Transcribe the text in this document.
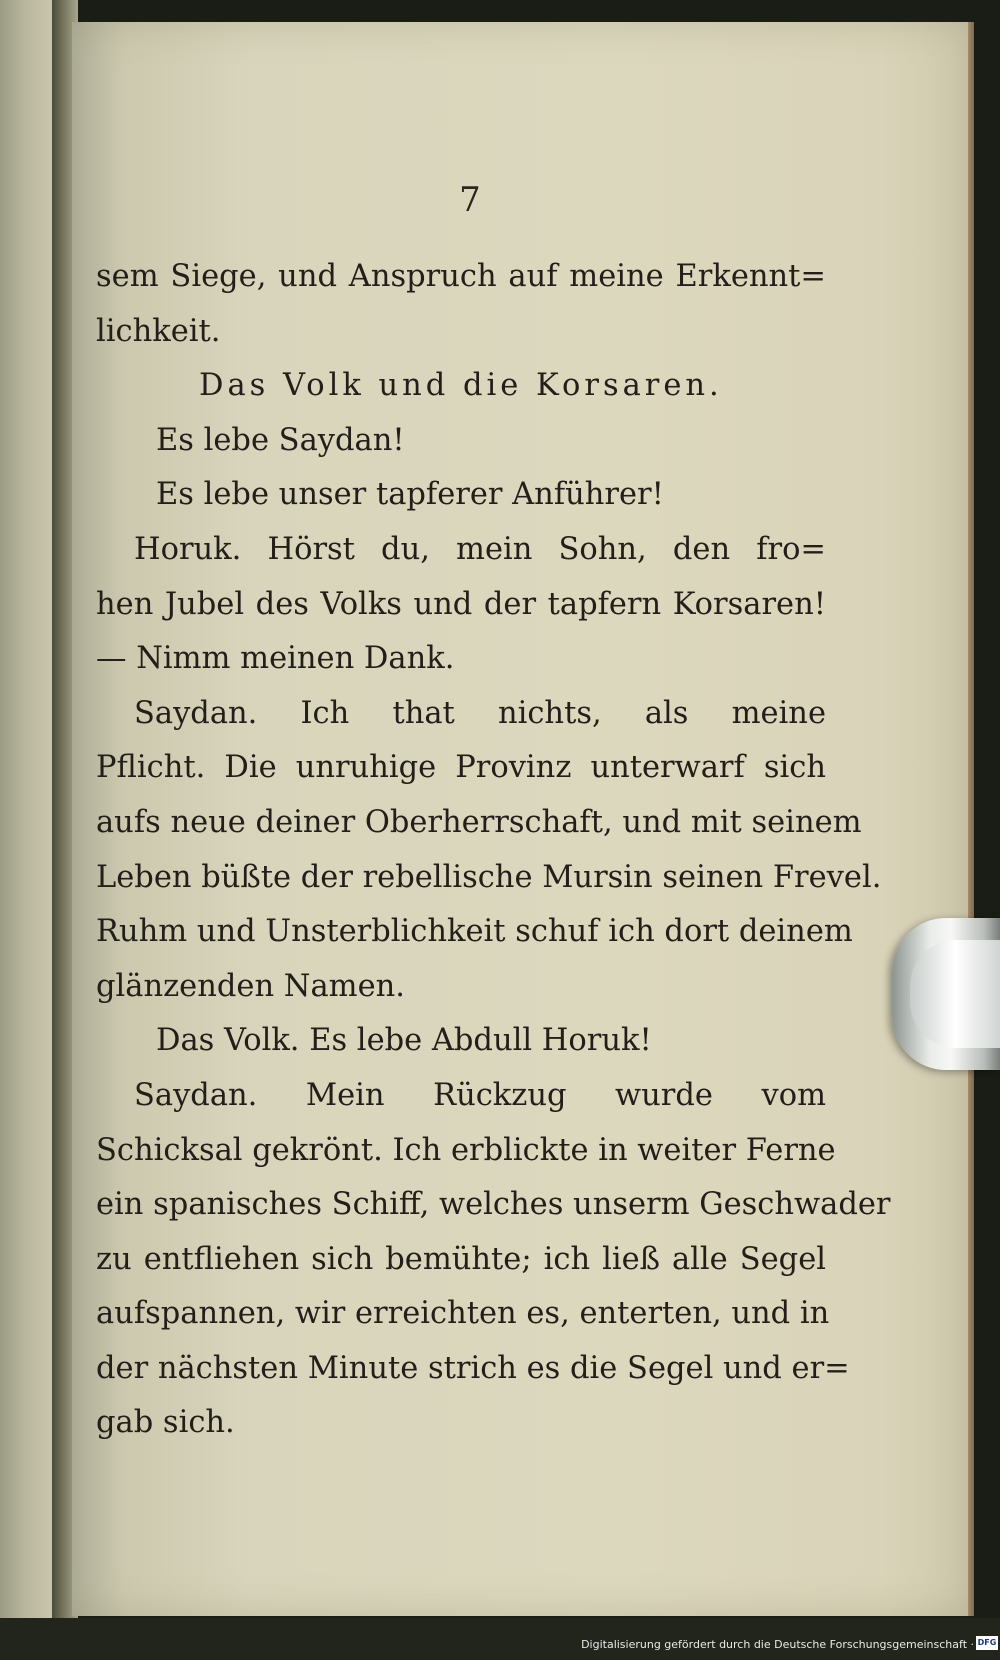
7
sem Siege, und Anspruch auf meine Erkennt=
lichkeit.
Das Volk und die Korsaren.
Es lebe Saydan!
Es lebe unser tapferer Anführer!
Horuk. Hörst du, mein Sohn, den fro=
hen Jubel des Volks und der tapfern Korsaren!
— Nimm meinen Dank.
Saydan. Ich that nichts, als meine
Pflicht. Die unruhige Provinz unterwarf sich
aufs neue deiner Oberherrschaft, und mit seinem
Leben büßte der rebellische Mursin seinen Frevel.
Ruhm und Unsterblichkeit schuf ich dort deinem
glänzenden Namen.
Das Volk. Es lebe Abdull Horuk!
Saydan. Mein Rückzug wurde vom
Schicksal gekrönt. Ich erblickte in weiter Ferne
ein spanisches Schiff, welches unserm Geschwader
zu entfliehen sich bemühte; ich ließ alle Segel
aufspannen, wir erreichten es, enterten, und in
der nächsten Minute strich es die Segel und er=
gab sich.
Digitalisierung gefördert durch die Deutsche Forschungsgemeinschaft · DFG
